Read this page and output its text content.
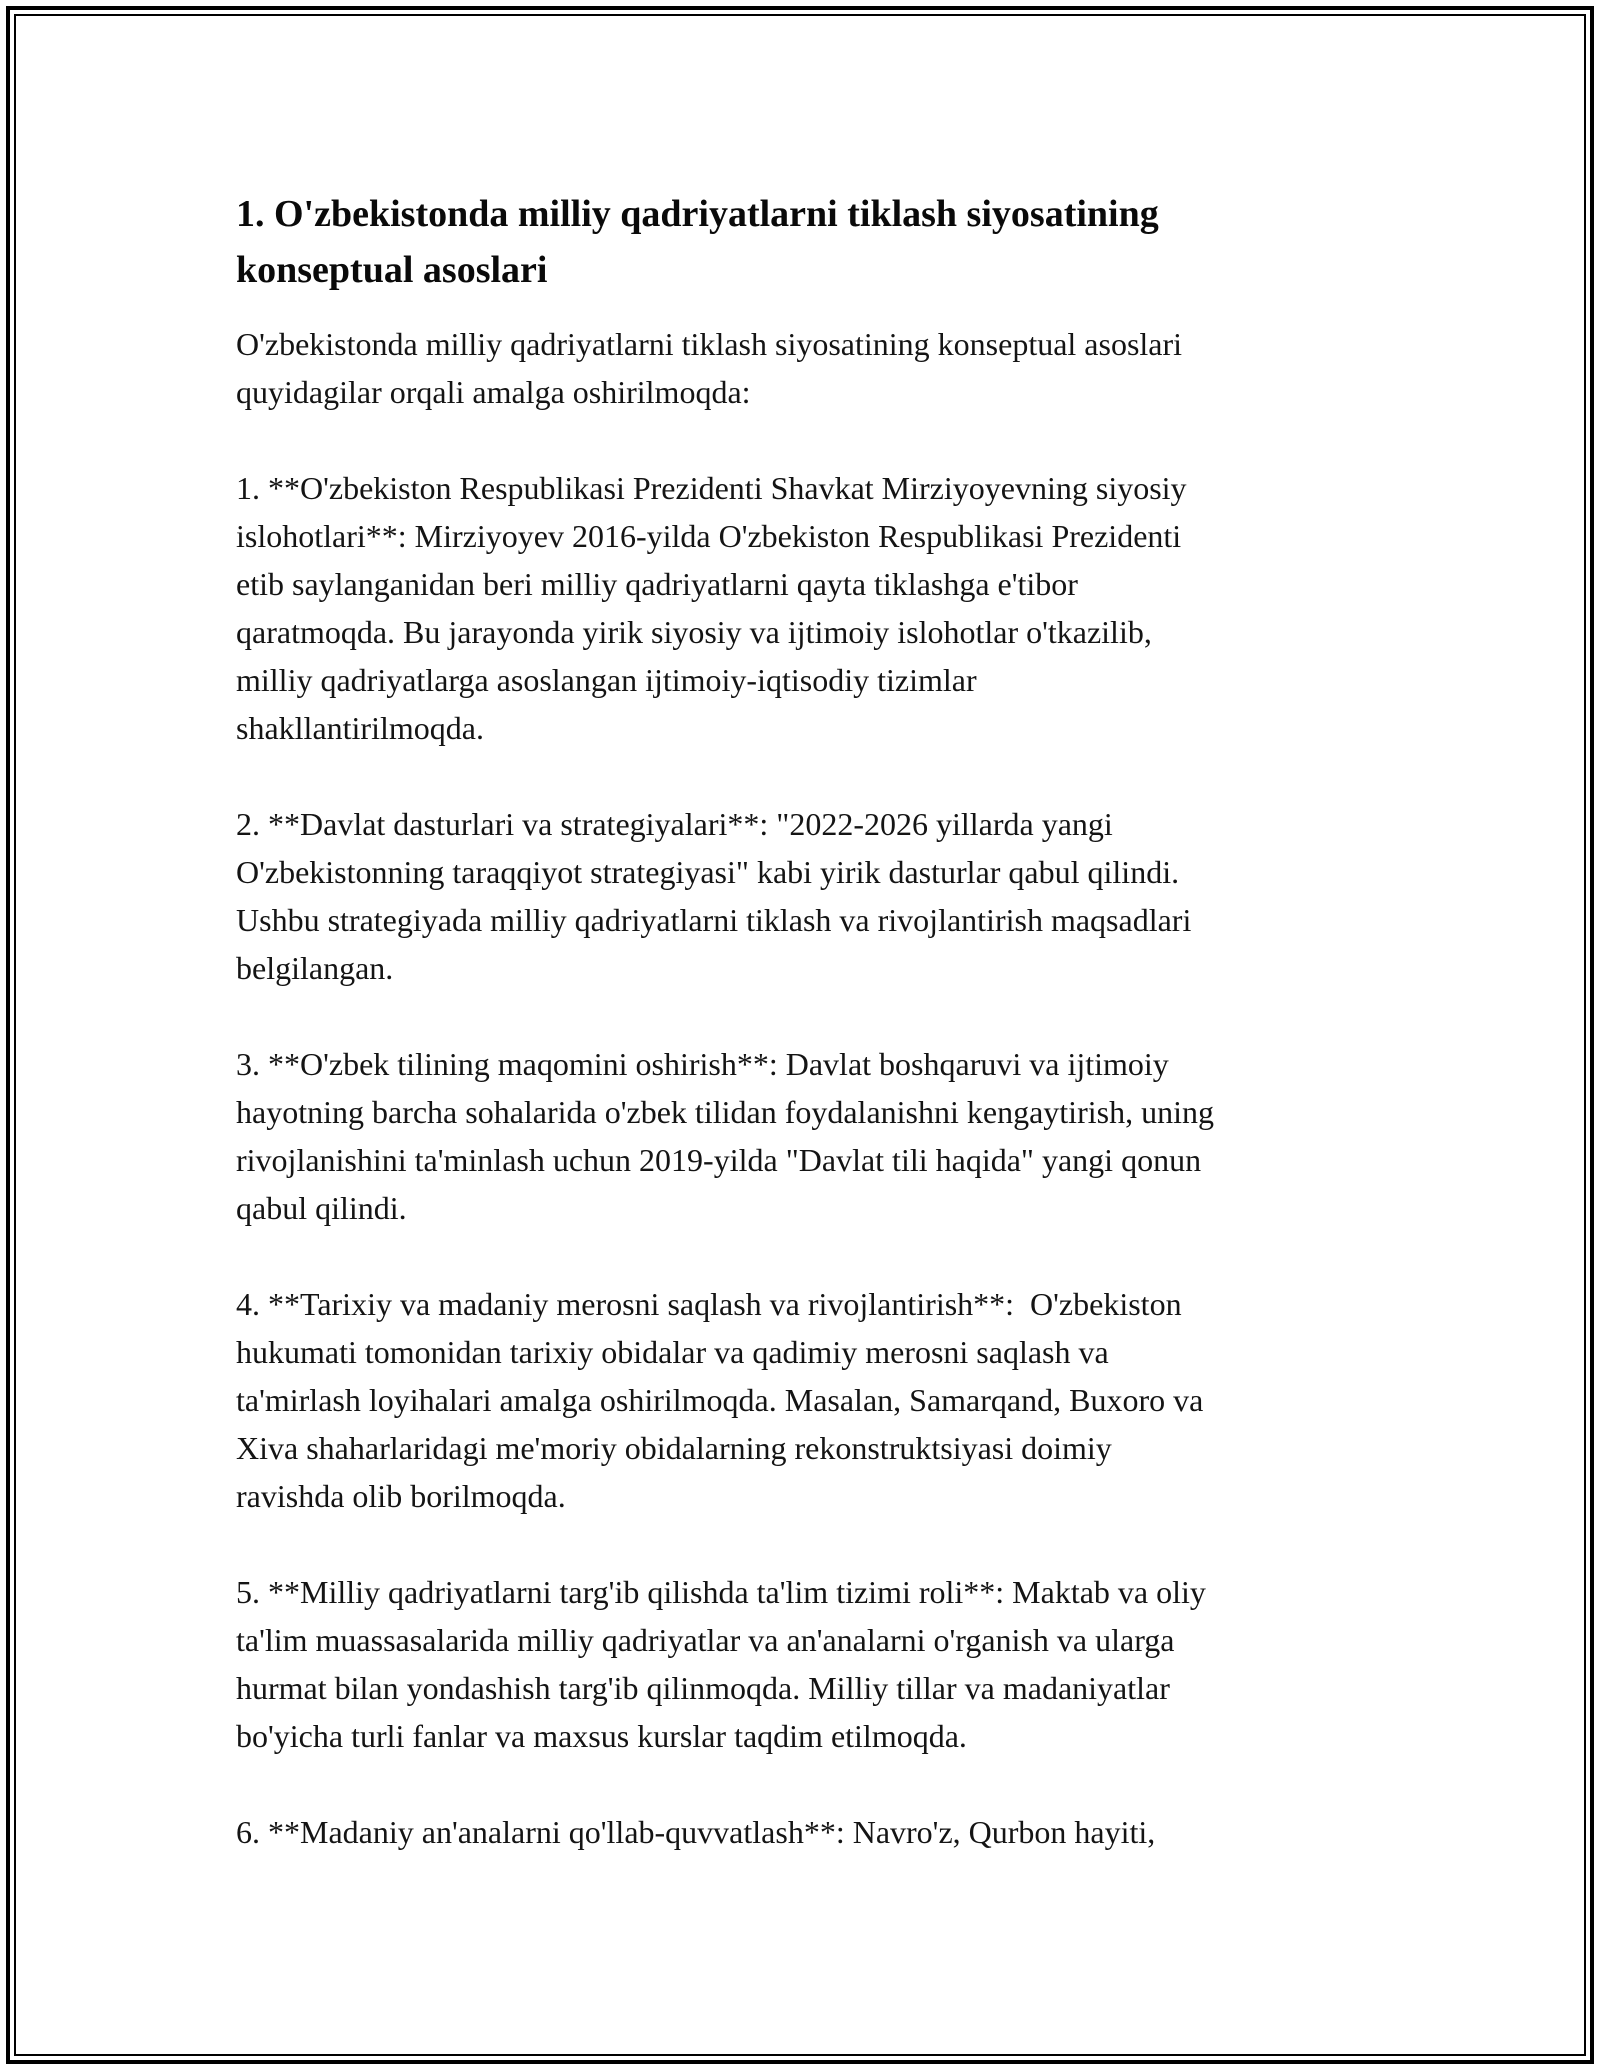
1. O'zbekistonda milliy qadriyatlarni tiklash siyosatining
konseptual asoslari

O'zbekistonda milliy qadriyatlarni tiklash siyosatining konseptual asoslari
quyidagilar orqali amalga oshirilmoqda:

1. **O'zbekiston Respublikasi Prezidenti Shavkat Mirziyoyevning siyosiy
islohotlari**: Mirziyoyev 2016-yilda O'zbekiston Respublikasi Prezidenti
etib saylanganidan beri milliy qadriyatlarni qayta tiklashga e'tibor
qaratmoqda. Bu jarayonda yirik siyosiy va ijtimoiy islohotlar o'tkazilib,
milliy qadriyatlarga asoslangan ijtimoiy-iqtisodiy tizimlar
shakllantirilmoqda.

2. **Davlat dasturlari va strategiyalari**: "2022-2026 yillarda yangi
O'zbekistonning taraqqiyot strategiyasi" kabi yirik dasturlar qabul qilindi.
Ushbu strategiyada milliy qadriyatlarni tiklash va rivojlantirish maqsadlari
belgilangan.

3. **O'zbek tilining maqomini oshirish**: Davlat boshqaruvi va ijtimoiy
hayotning barcha sohalarida o'zbek tilidan foydalanishni kengaytirish, uning
rivojlanishini ta'minlash uchun 2019-yilda "Davlat tili haqida" yangi qonun
qabul qilindi.

4. **Tarixiy va madaniy merosni saqlash va rivojlantirish**:  O'zbekiston
hukumati tomonidan tarixiy obidalar va qadimiy merosni saqlash va
ta'mirlash loyihalari amalga oshirilmoqda. Masalan, Samarqand, Buxoro va
Xiva shaharlaridagi me'moriy obidalarning rekonstruktsiyasi doimiy
ravishda olib borilmoqda.

5. **Milliy qadriyatlarni targ'ib qilishda ta'lim tizimi roli**: Maktab va oliy
ta'lim muassasalarida milliy qadriyatlar va an'analarni o'rganish va ularga
hurmat bilan yondashish targ'ib qilinmoqda. Milliy tillar va madaniyatlar
bo'yicha turli fanlar va maxsus kurslar taqdim etilmoqda.

6. **Madaniy an'analarni qo'llab-quvvatlash**: Navro'z, Qurbon hayiti,
